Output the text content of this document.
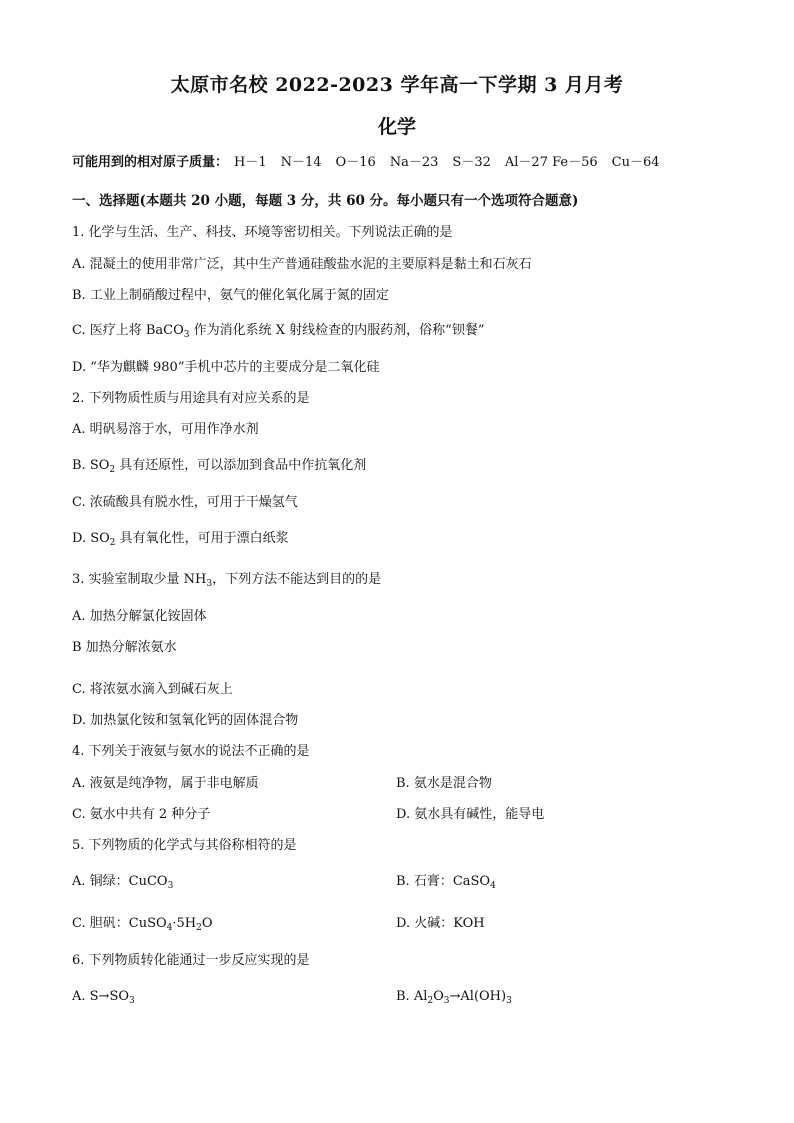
太原市名校 2022-2023 学年高一下学期 3 月月考
化学
可能用到的相对原子质量： H－1 N－14 O－16 Na－23 S－32 Al－27 Fe－56 Cu－64
一、选择题(本题共 20 小题，每题 3 分，共 60 分。每小题只有一个选项符合题意)
1. 化学与生活、生产、科技、环境等密切相关。下列说法正确的是
A. 混凝土的使用非常广泛，其中生产普通硅酸盐水泥的主要原料是黏土和石灰石
B. 工业上制硝酸过程中，氨气的催化氧化属于氮的固定
C. 医疗上将 BaCO$_3$ 作为消化系统 X 射线检查的内服药剂，俗称“钡餐”
D. “华为麒麟 980”手机中芯片的主要成分是二氧化硅
2. 下列物质性质与用途具有对应关系的是
A. 明矾易溶于水，可用作净水剂
B. $SO_2$ 具有还原性，可以添加到食品中作抗氧化剂
C. 浓硫酸具有脱水性，可用于干燥氢气
D. $SO_2$ 具有氧化性，可用于漂白纸浆
3. 实验室制取少量 $NH_3$，下列方法不能达到目的的是
A. 加热分解氯化铵固体
B 加热分解浓氨水
C. 将浓氨水滴入到碱石灰上
D. 加热氯化铵和氢氧化钙的固体混合物
4. 下列关于液氨与氨水的说法不正确的是
A. 液氨是纯净物，属于非电解质	B. 氨水是混合物
C. 氨水中共有 2 种分子	D. 氨水具有碱性，能导电
5. 下列物质的化学式与其俗称相符的是
A. 铜绿：CuCO$_3$	B. 石膏：CaSO$_4$
C. 胆矾：$CuSO_4\cdot 5H_2O$	D. 火碱：KOH
6. 下列物质转化能通过一步反应实现的是
A. $S\to SO_3$	B. $Al_2O_3\to Al(OH)_3$
